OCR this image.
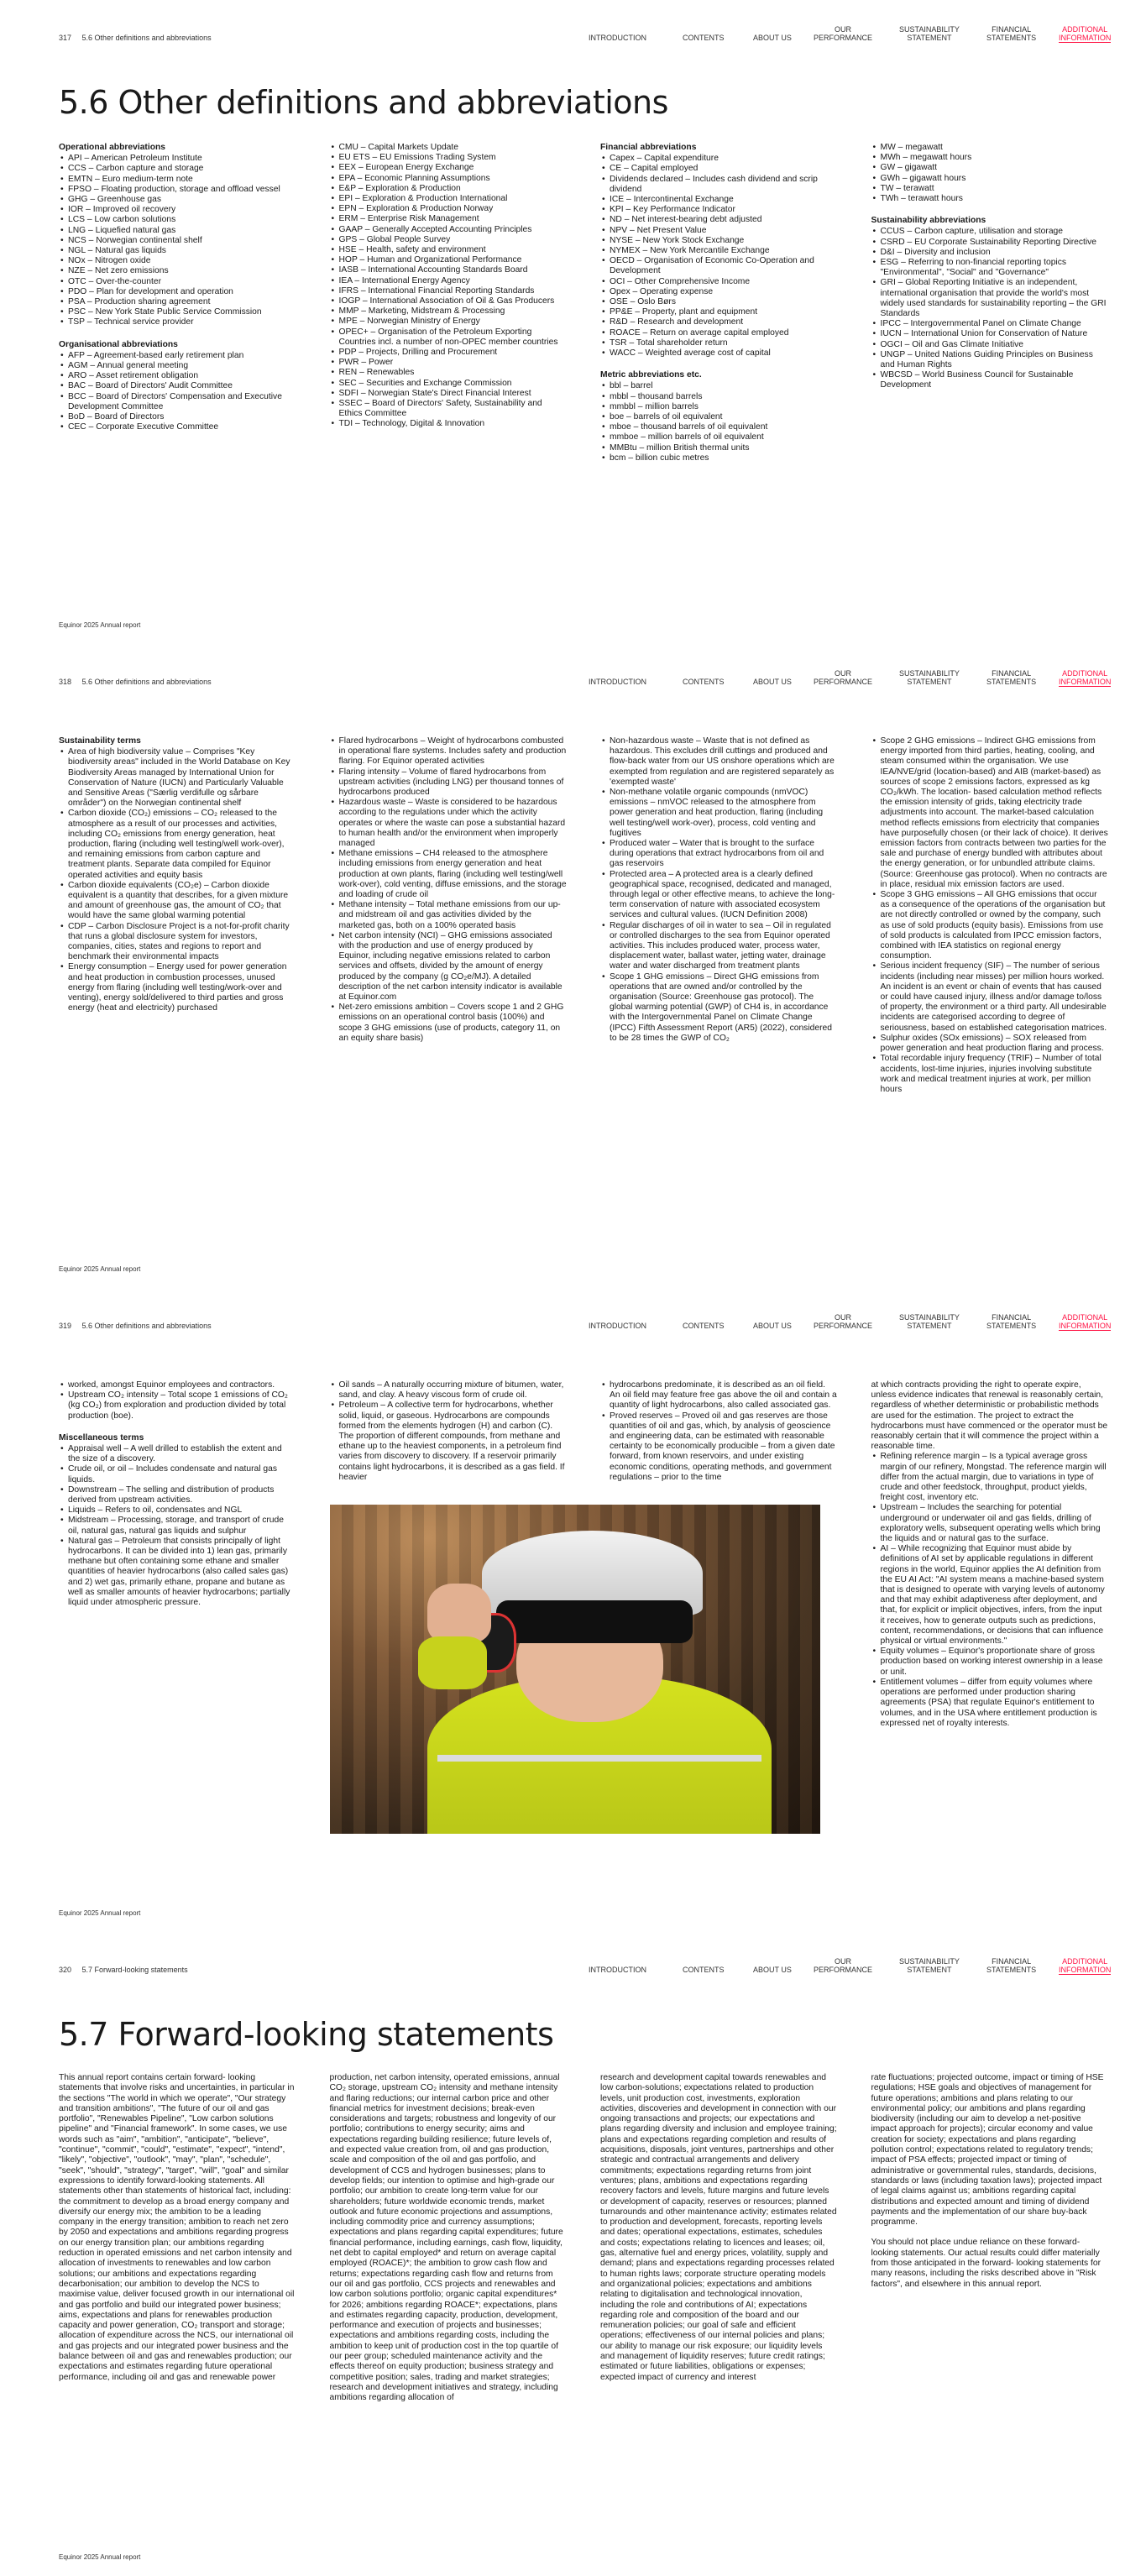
317 5.6 Other definitions and abbreviations	INTRODUCTION	CONTENTS	ABOUT US
OUR
PERFORMANCE
SUSTAINABILITY
STATEMENT
FINANCIAL
STATEMENTS
ADDITIONAL
INFORMATION
5.6 Other definitions and abbreviations
Operational abbreviations
• API – American Petroleum Institute
• CCS – Carbon capture and storage
• EMTN – Euro medium-term note
• FPSO – Floating production, storage and offload vessel
• GHG – Greenhouse gas
• IOR – Improved oil recovery
• LCS – Low carbon solutions
• LNG – Liquefied natural gas
• NCS – Norwegian continental shelf
• NGL – Natural gas liquids
• NOx – Nitrogen oxide
• NZE – Net zero emissions
• OTC – Over-the-counter
• PDO – Plan for development and operation
• PSA – Production sharing agreement
• PSC – New York State Public Service Commission
• TSP – Technical service provider
Organisational abbreviations
• AFP – Agreement-based early retirement plan
• AGM – Annual general meeting
• ARO – Asset retirement obligation
• BAC – Board of Directors' Audit Committee
• BCC – Board of Directors' Compensation and Executive Development Committee
• BoD – Board of Directors
• CEC – Corporate Executive Committee
• CMU – Capital Markets Update
• EU ETS – EU Emissions Trading System
• EEX – European Energy Exchange
• EPA – Economic Planning Assumptions
• E&P – Exploration & Production
• EPI – Exploration & Production International
• EPN – Exploration & Production Norway
• ERM – Enterprise Risk Management
• GAAP – Generally Accepted Accounting Principles
• GPS – Global People Survey
• HSE – Health, safety and environment
• HOP – Human and Organizational Performance
• IASB – International Accounting Standards Board
• IEA – International Energy Agency
• IFRS – International Financial Reporting Standards
• IOGP – International Association of Oil & Gas Producers
• MMP – Marketing, Midstream & Processing
• MPE – Norwegian Ministry of Energy
• OPEC+ – Organisation of the Petroleum Exporting Countries incl. a number of non-OPEC member countries
• PDP – Projects, Drilling and Procurement
• PWR – Power
• REN – Renewables
• SEC – Securities and Exchange Commission
• SDFI – Norwegian State's Direct Financial Interest
• SSEC – Board of Directors' Safety, Sustainability and Ethics Committee
• TDI – Technology, Digital & Innovation
Financial abbreviations
• Capex – Capital expenditure
• CE – Capital employed
• Dividends declared – Includes cash dividend and scrip dividend
• ICE – Intercontinental Exchange
• KPI – Key Performance Indicator
• ND – Net interest-bearing debt adjusted
• NPV – Net Present Value
• NYSE – New York Stock Exchange
• NYMEX – New York Mercantile Exchange
• OECD – Organisation of Economic Co-Operation and Development
• OCI – Other Comprehensive Income
• Opex – Operating expense
• OSE – Oslo Børs
• PP&E – Property, plant and equipment
• R&D – Research and development
• ROACE – Return on average capital employed
• TSR – Total shareholder return
• WACC – Weighted average cost of capital
Metric abbreviations etc.
• bbl – barrel
• mbbl – thousand barrels
• mmbbl – million barrels
• boe – barrels of oil equivalent
• mboe – thousand barrels of oil equivalent
• mmboe – million barrels of oil equivalent
• MMBtu – million British thermal units
• bcm – billion cubic metres
• MW – megawatt
• MWh – megawatt hours
• GW – gigawatt
• GWh – gigawatt hours
• TW – terawatt
• TWh – terawatt hours
Sustainability abbreviations
• CCUS – Carbon capture, utilisation and storage
• CSRD – EU Corporate Sustainability Reporting Directive
• D&I – Diversity and inclusion
• ESG – Referring to non-financial reporting topics "Environmental", "Social" and "Governance"
• GRI – Global Reporting Initiative is an independent, international organisation that provide the world's most widely used standards for sustainability reporting – the GRI Standards
• IPCC – Intergovernmental Panel on Climate Change
• IUCN – International Union for Conservation of Nature
• OGCI – Oil and Gas Climate Initiative
• UNGP – United Nations Guiding Principles on Business and Human Rights
• WBCSD – World Business Council for Sustainable Development
Equinor 2025 Annual report
318 5.6 Other definitions and abbreviations	INTRODUCTION	CONTENTS	ABOUT US
OUR
PERFORMANCE
SUSTAINABILITY
STATEMENT
FINANCIAL
STATEMENTS
ADDITIONAL
INFORMATION
Sustainability terms
• Area of high biodiversity value – Comprises "Key biodiversity areas" included in the World Database on Key Biodiversity Areas managed by International Union for Conservation of Nature (IUCN) and Particularly Valuable and Sensitive Areas ("Særlig verdifulle og sårbare områder") on the Norwegian continental shelf
• Carbon dioxide (CO₂) emissions – CO₂ released to the atmosphere as a result of our processes and activities, including CO₂ emissions from energy generation, heat production, flaring (including well testing/well work-over), and remaining emissions from carbon capture and treatment plants. Separate data compiled for Equinor operated activities and equity basis
• Carbon dioxide equivalents (CO₂e) – Carbon dioxide equivalent is a quantity that describes, for a given mixture and amount of greenhouse gas, the amount of CO₂ that would have the same global warming potential
• CDP – Carbon Disclosure Project is a not-for-profit charity that runs a global disclosure system for investors, companies, cities, states and regions to report and benchmark their environmental impacts
• Energy consumption – Energy used for power generation and heat production in combustion processes, unused energy from flaring (including well testing/work-over and venting), energy sold/delivered to third parties and gross energy (heat and electricity) purchased
• Flared hydrocarbons – Weight of hydrocarbons combusted in operational flare systems. Includes safety and production flaring. For Equinor operated activities
• Flaring intensity – Volume of flared hydrocarbons from upstream activities (including LNG) per thousand tonnes of hydrocarbons produced
• Hazardous waste – Waste is considered to be hazardous according to the regulations under which the activity operates or where the waste can pose a substantial hazard to human health and/or the environment when improperly managed
• Methane emissions – CH4 released to the atmosphere including emissions from energy generation and heat production at own plants, flaring (including well testing/well work-over), cold venting, diffuse emissions, and the storage and loading of crude oil
• Methane intensity – Total methane emissions from our up- and midstream oil and gas activities divided by the marketed gas, both on a 100% operated basis
• Net carbon intensity (NCI) – GHG emissions associated with the production and use of energy produced by Equinor, including negative emissions related to carbon services and offsets, divided by the amount of energy produced by the company (g CO₂e/MJ). A detailed description of the net carbon intensity indicator is available at Equinor.com
• Net-zero emissions ambition – Covers scope 1 and 2 GHG emissions on an operational control basis (100%) and scope 3 GHG emissions (use of products, category 11, on an equity share basis)
• Non-hazardous waste – Waste that is not defined as hazardous. This excludes drill cuttings and produced and flow-back water from our US onshore operations which are exempted from regulation and are registered separately as 'exempted waste'
• Non-methane volatile organic compounds (nmVOC) emissions – nmVOC released to the atmosphere from power generation and heat production, flaring (including well testing/well work-over), process, cold venting and fugitives
• Produced water – Water that is brought to the surface during operations that extract hydrocarbons from oil and gas reservoirs
• Protected area – A protected area is a clearly defined geographical space, recognised, dedicated and managed, through legal or other effective means, to achieve the long-term conservation of nature with associated ecosystem services and cultural values. (IUCN Definition 2008)
• Regular discharges of oil in water to sea – Oil in regulated or controlled discharges to the sea from Equinor operated activities. This includes produced water, process water, displacement water, ballast water, jetting water, drainage water and water discharged from treatment plants
• Scope 1 GHG emissions – Direct GHG emissions from operations that are owned and/or controlled by the organisation (Source: Greenhouse gas protocol). The global warming potential (GWP) of CH4 is, in accordance with the Intergovernmental Panel on Climate Change (IPCC) Fifth Assessment Report (AR5) (2022), considered to be 28 times the GWP of CO₂
• Scope 2 GHG emissions – Indirect GHG emissions from energy imported from third parties, heating, cooling, and steam consumed within the organisation. We use IEA/NVE/grid (location-based) and AIB (market-based) as sources of scope 2 emissions factors, expressed as kg CO₂/kWh. The location- based calculation method reflects the emission intensity of grids, taking electricity trade adjustments into account. The market-based calculation method reflects emissions from electricity that companies have purposefully chosen (or their lack of choice). It derives emission factors from contracts between two parties for the sale and purchase of energy bundled with attributes about the energy generation, or for unbundled attribute claims. (Source: Greenhouse gas protocol). When no contracts are in place, residual mix emission factors are used.
• Scope 3 GHG emissions – All GHG emissions that occur as a consequence of the operations of the organisation but are not directly controlled or owned by the company, such as use of sold products (equity basis). Emissions from use of sold products is calculated from IPCC emission factors, combined with IEA statistics on regional energy consumption.
• Serious incident frequency (SIF) – The number of serious incidents (including near misses) per million hours worked. An incident is an event or chain of events that has caused or could have caused injury, illness and/or damage to/loss of property, the environment or a third party. All undesirable incidents are categorised according to degree of seriousness, based on established categorisation matrices.
• Sulphur oxides (SOx emissions) – SOX released from power generation and heat production flaring and process.
• Total recordable injury frequency (TRIF) – Number of total accidents, lost-time injuries, injuries involving substitute work and medical treatment injuries at work, per million hours
Equinor 2025 Annual report
319 5.6 Other definitions and abbreviations	INTRODUCTION	CONTENTS	ABOUT US
OUR
PERFORMANCE
SUSTAINABILITY
STATEMENT
FINANCIAL
STATEMENTS
ADDITIONAL
INFORMATION
• worked, amongst Equinor employees and contractors.
• Upstream CO₂ intensity – Total scope 1 emissions of CO₂ (kg CO₂) from exploration and production divided by total production (boe).
Miscellaneous terms
• Appraisal well – A well drilled to establish the extent and the size of a discovery.
• Crude oil, or oil – Includes condensate and natural gas liquids.
• Downstream – The selling and distribution of products derived from upstream activities.
• Liquids – Refers to oil, condensates and NGL
• Midstream – Processing, storage, and transport of crude oil, natural gas, natural gas liquids and sulphur
• Natural gas – Petroleum that consists principally of light hydrocarbons. It can be divided into 1) lean gas, primarily methane but often containing some ethane and smaller quantities of heavier hydrocarbons (also called sales gas) and 2) wet gas, primarily ethane, propane and butane as well as smaller amounts of heavier hydrocarbons; partially liquid under atmospheric pressure.
• Oil sands – A naturally occurring mixture of bitumen, water, sand, and clay. A heavy viscous form of crude oil.
• Petroleum – A collective term for hydrocarbons, whether solid, liquid, or gaseous. Hydrocarbons are compounds formed from the elements hydrogen (H) and carbon (C). The proportion of different compounds, from methane and ethane up to the heaviest components, in a petroleum find varies from discovery to discovery. If a reservoir primarily contains light hydrocarbons, it is described as a gas field. If heavier
• hydrocarbons predominate, it is described as an oil field. An oil field may feature free gas above the oil and contain a quantity of light hydrocarbons, also called associated gas.
• Proved reserves – Proved oil and gas reserves are those quantities of oil and gas, which, by analysis of geoscience and engineering data, can be estimated with reasonable certainty to be economically producible – from a given date forward, from known reservoirs, and under existing economic conditions, operating methods, and government regulations – prior to the time
at which contracts providing the right to operate expire, unless evidence indicates that renewal is reasonably certain, regardless of whether deterministic or probabilistic methods are used for the estimation. The project to extract the hydrocarbons must have commenced or the operator must be reasonably certain that it will commence the project within a reasonable time.
• Refining reference margin – Is a typical average gross margin of our refinery, Mongstad. The reference margin will differ from the actual margin, due to variations in type of crude and other feedstock, throughput, product yields, freight cost, inventory etc.
• Upstream – Includes the searching for potential underground or underwater oil and gas fields, drilling of exploratory wells, subsequent operating wells which bring the liquids and or natural gas to the surface.
• AI – While recognizing that Equinor must abide by definitions of AI set by applicable regulations in different regions in the world, Equinor applies the AI definition from the EU AI Act: "AI system means a machine-based system that is designed to operate with varying levels of autonomy and that may exhibit adaptiveness after deployment, and that, for explicit or implicit objectives, infers, from the input it receives, how to generate outputs such as predictions, content, recommendations, or decisions that can influence physical or virtual environments."
• Equity volumes – Equinor's proportionate share of gross production based on working interest ownership in a lease or unit.
• Entitlement volumes – differ from equity volumes where operations are performed under production sharing agreements (PSA) that regulate Equinor's entitlement to volumes, and in the USA where entitlement production is expressed net of royalty interests.
Equinor 2025 Annual report
320 5.7 Forward-looking statements	INTRODUCTION	CONTENTS	ABOUT US
OUR
PERFORMANCE
SUSTAINABILITY
STATEMENT
FINANCIAL
STATEMENTS
ADDITIONAL
INFORMATION
5.7 Forward-looking statements

This annual report contains certain forward- looking statements that involve risks and uncertainties, in particular in the sections "The world in which we operate", "Our strategy and transition ambitions", "The future of our oil and gas portfolio", "Renewables Pipeline", "Low carbon solutions pipeline" and "Financial framework". In some cases, we use words such as "aim", "ambition", "anticipate", "believe", "continue", "commit", "could", "estimate", "expect", "intend", "likely", "objective", "outlook", "may", "plan", "schedule", "seek", "should", "strategy", "target", "will", "goal" and similar expressions to identify forward-looking statements. All statements other than statements of historical fact, including: the commitment to develop as a broad energy company and diversify our energy mix; the ambition to be a leading company in the energy transition; ambition to reach net zero by 2050 and expectations and ambitions regarding progress on our energy transition plan; our ambitions regarding reduction in operated emissions and net carbon intensity and allocation of investments to renewables and low carbon solutions; our ambitions and expectations regarding decarbonisation; our ambition to develop the NCS to maximise value, deliver focused growth in our international oil and gas portfolio and build our integrated power business; aims, expectations and plans for renewables production capacity and power generation, CO₂ transport and storage; allocation of expenditure across the NCS, our international oil and gas projects and our integrated power business and the balance between oil and gas and renewables production; our expectations and estimates regarding future operational performance, including oil and gas and renewable power

production, net carbon intensity, operated emissions, annual CO₂ storage, upstream CO₂ intensity and methane intensity and flaring reductions; our internal carbon price and other financial metrics for investment decisions; break-even considerations and targets; robustness and longevity of our portfolio; contributions to energy security; aims and expectations regarding building resilience; future levels of, and expected value creation from, oil and gas production, scale and composition of the oil and gas portfolio, and development of CCS and hydrogen businesses; plans to develop fields; our intention to optimise and high-grade our portfolio; our ambition to create long-term value for our shareholders; future worldwide economic trends, market outlook and future economic projections and assumptions, including commodity price and currency assumptions; expectations and plans regarding capital expenditures; future financial performance, including earnings, cash flow, liquidity, net debt to capital employed* and return on average capital employed (ROACE)*; the ambition to grow cash flow and returns; expectations regarding cash flow and returns from our oil and gas portfolio, CCS projects and renewables and low carbon solutions portfolio; organic capital expenditures* for 2026; ambitions regarding ROACE*; expectations, plans and estimates regarding capacity, production, development, performance and execution of projects and businesses; expectations and ambitions regarding costs, including the ambition to keep unit of production cost in the top quartile of our peer group; scheduled maintenance activity and the effects thereof on equity production; business strategy and competitive position; sales, trading and market strategies; research and development initiatives and strategy, including ambitions regarding allocation of

research and development capital towards renewables and low carbon-solutions; expectations related to production levels, unit production cost, investments, exploration activities, discoveries and development in connection with our ongoing transactions and projects; our expectations and plans regarding diversity and inclusion and employee training; plans and expectations regarding completion and results of acquisitions, disposals, joint ventures, partnerships and other strategic and contractual arrangements and delivery commitments; expectations regarding returns from joint ventures; plans, ambitions and expectations regarding recovery factors and levels, future margins and future levels or development of capacity, reserves or resources; planned turnarounds and other maintenance activity; estimates related to production and development, forecasts, reporting levels and dates; operational expectations, estimates, schedules and costs; expectations relating to licences and leases; oil, gas, alternative fuel and energy prices, volatility, supply and demand; plans and expectations regarding processes related to human rights laws; corporate structure operating models and organizational policies; expectations and ambitions relating to digitalisation and technological innovation, including the role and contributions of AI; expectations regarding role and composition of the board and our remuneration policies; our goal of safe and efficient operations; effectiveness of our internal policies and plans; our ability to manage our risk exposure; our liquidity levels and management of liquidity reserves; future credit ratings; estimated or future liabilities, obligations or expenses; expected impact of currency and interest

rate fluctuations; projected outcome, impact or timing of HSE regulations; HSE goals and objectives of management for future operations; ambitions and plans relating to our environmental policy; our ambitions and plans regarding biodiversity (including our aim to develop a net-positive impact approach for projects); circular economy and value creation for society; expectations and plans regarding pollution control; expectations related to regulatory trends; impact of PSA effects; projected impact or timing of administrative or governmental rules, standards, decisions, standards or laws (including taxation laws); projected impact of legal claims against us; ambitions regarding capital distributions and expected amount and timing of dividend payments and the implementation of our share buy-back programme.

You should not place undue reliance on these forward- looking statements. Our actual results could differ materially from those anticipated in the forward- looking statements for many reasons, including the risks described above in "Risk factors", and elsewhere in this annual report.

Equinor 2025 Annual report
